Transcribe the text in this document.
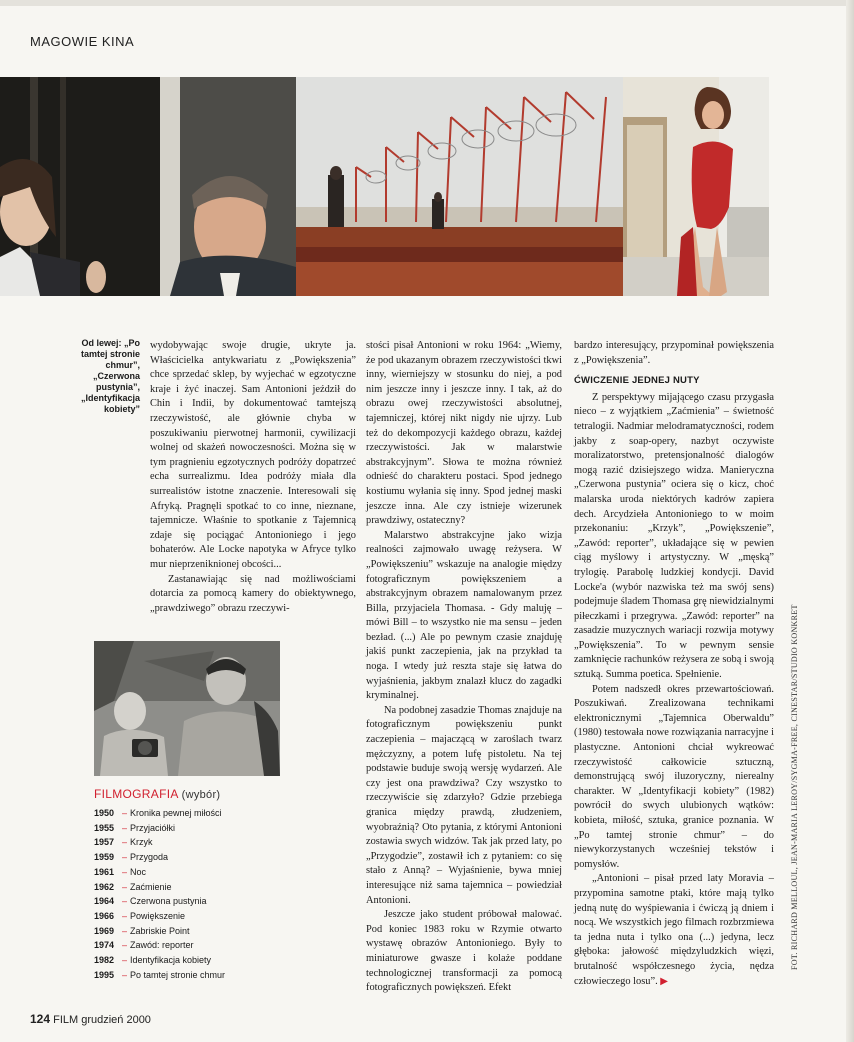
MAGOWIE KINA
Od lewej: „Po tamtej stronie chmur”, „Czerwona pustynia”, „Identyfikacja kobiety”

wydobywając swoje drugie, ukryte ja. Właścicielka antykwariatu z „Powiększenia” chce sprzedać sklep, by wyjechać w egzotyczne kraje i żyć inaczej. Sam Antonioni jeździł do Chin i Indii, by dokumentować tamtejszą rzeczywistość, ale głównie chyba w poszukiwaniu pierwotnej harmonii, cywilizacji wolnej od skażeń nowoczesności. Można się w tym pragnieniu egzotycznych podróży dopatrzeć echa surrealizmu. Idea podróży miała dla surrealistów istotne znaczenie. Interesowali się Afryką. Pragnęli spotkać to co inne, nieznane, tajemnicze. Właśnie to spotkanie z Tajemnicą zdaje się pociągać Antonioniego i jego bohaterów. Ale Locke napotyka w Afryce tylko mur nieprzeniknionej obcości...

Zastanawiając się nad możliwościami dotarcia za pomocą kamery do obiektywnego, „prawdziwego” obrazu rzeczywi-

stości pisał Antonioni w roku 1964: „Wiemy, że pod ukazanym obrazem rzeczywistości tkwi inny, wierniejszy w stosunku do niej, a pod nim jeszcze inny i jeszcze inny. I tak, aż do obrazu owej rzeczywistości absolutnej, tajemniczej, której nikt nigdy nie ujrzy. Lub też do dekompozycji każdego obrazu, każdej rzeczywistości. Jak w malarstwie abstrakcyjnym”. Słowa te można również odnieść do charakteru postaci. Spod jednego kostiumu wyłania się inny. Spod jednej maski jeszcze inna. Ale czy istnieje wizerunek prawdziwy, ostateczny?

Malarstwo abstrakcyjne jako wizja realności zajmowało uwagę reżysera. W „Powiększeniu” wskazuje na analogie między fotograficznym powiększeniem a abstrakcyjnym obrazem namalowanym przez Billa, przyjaciela Thomasa. - Gdy maluję – mówi Bill – to wszystko nie ma sensu – jeden bezład. (...) Ale po pewnym czasie znajduję jakiś punkt zaczepienia, jak na przykład ta noga. I wtedy już reszta staje się łatwa do wyjaśnienia, jakbym znalazł klucz do zagadki kryminalnej.

Na podobnej zasadzie Thomas znajduje na fotograficznym powiększeniu punkt zaczepienia – majaczącą w zaroślach twarz mężczyzny, a potem lufę pistoletu. Na tej podstawie buduje swoją wersję wydarzeń. Ale czy jest ona prawdziwa? Czy wszystko to rzeczywiście się zdarzyło? Gdzie przebiega granica między prawdą, złudzeniem, wyobraźnią? Oto pytania, z którymi Antonioni zostawia swych widzów. Tak jak przed laty, po „Przygodzie”, zostawił ich z pytaniem: co się stało z Anną? – Wyjaśnienie, bywa mniej interesujące niż sama tajemnica – powiedział Antonioni.

Jeszcze jako student próbował malować. Pod koniec 1983 roku w Rzymie otwarto wystawę obrazów Antonioniego. Były to miniaturowe gwasze i kolaże poddane technologicznej transformacji za pomocą fotograficznych powiększeń. Efekt

bardzo interesujący, przypominał powiększenia z „Powiększenia”.

ĆWICZENIE JEDNEJ NUTY

Z perspektywy mijającego czasu przygasła nieco – z wyjątkiem „Zaćmienia” – świetność tetralogii. Nadmiar melodramatyczności, rodem jakby z soap-opery, nazbyt oczywiste moralizatorstwo, pretensjonalność dialogów mogą razić dzisiejszego widza. Manieryczna „Czerwona pustynia” ociera się o kicz, choć malarska uroda niektórych kadrów zapiera dech. Arcydzieła Antonioniego to w moim przekonaniu: „Krzyk”, „Powiększenie”, „Zawód: reporter”, układające się w pewien ciąg myślowy i artystyczny. W „męską” trylogię. Parabolę ludzkiej kondycji. David Locke'a (wybór nazwiska też ma swój sens) podejmuje śladem Thomasa grę niewidzialnymi piłeczkami i przegrywa. „Zawód: reporter” na zasadzie muzycznych wariacji rozwija motywy „Powiększenia”. To w pewnym sensie zamknięcie rachunków reżysera ze sobą i swoją sztuką. Summa poetica. Spełnienie.

Potem nadszedł okres przewartościowań. Poszukiwań. Zrealizowana technikami elektronicznymi „Tajemnica Oberwaldu” (1980) testowała nowe rozwiązania narracyjne i plastyczne. Antonioni chciał wykreować rzeczywistość całkowicie sztuczną, demonstrującą swój iluzoryczny, nierealny charakter. W „Identyfikacji kobiety” (1982) powrócił do swych ulubionych wątków: kobieta, miłość, sztuka, granice poznania. W „Po tamtej stronie chmur” – do niewykorzystanych wcześniej tekstów i pomysłów.

„Antonioni – pisał przed laty Moravia – przypomina samotne ptaki, które mają tylko jedną nutę do wyśpiewania i ćwiczą ją dniem i nocą. We wszystkich jego filmach rozbrzmiewa ta jedna nuta i tylko ona (...) jedyna, lecz głęboka: jałowość międzyludzkich więzi, brutalność współczesnego życia, nędza człowieczego losu”. ▶

FILMOGRAFIA (wybór)
1950 – Kronika pewnej miłości
1955 – Przyjaciółki
1957 – Krzyk
1959 – Przygoda
1961 – Noc
1962 – Zaćmienie
1964 – Czerwona pustynia
1966 – Powiększenie
1969 – Zabriskie Point
1974 – Zawód: reporter
1982 – Identyfikacja kobiety
1995 – Po tamtej stronie chmur
124 FILM grudzień 2000
FOT. RICHARD MELLOUL, JEAN-MARIA LEROY/SYGMA-FREE, CINESTAR/STUDIO KONKRET
